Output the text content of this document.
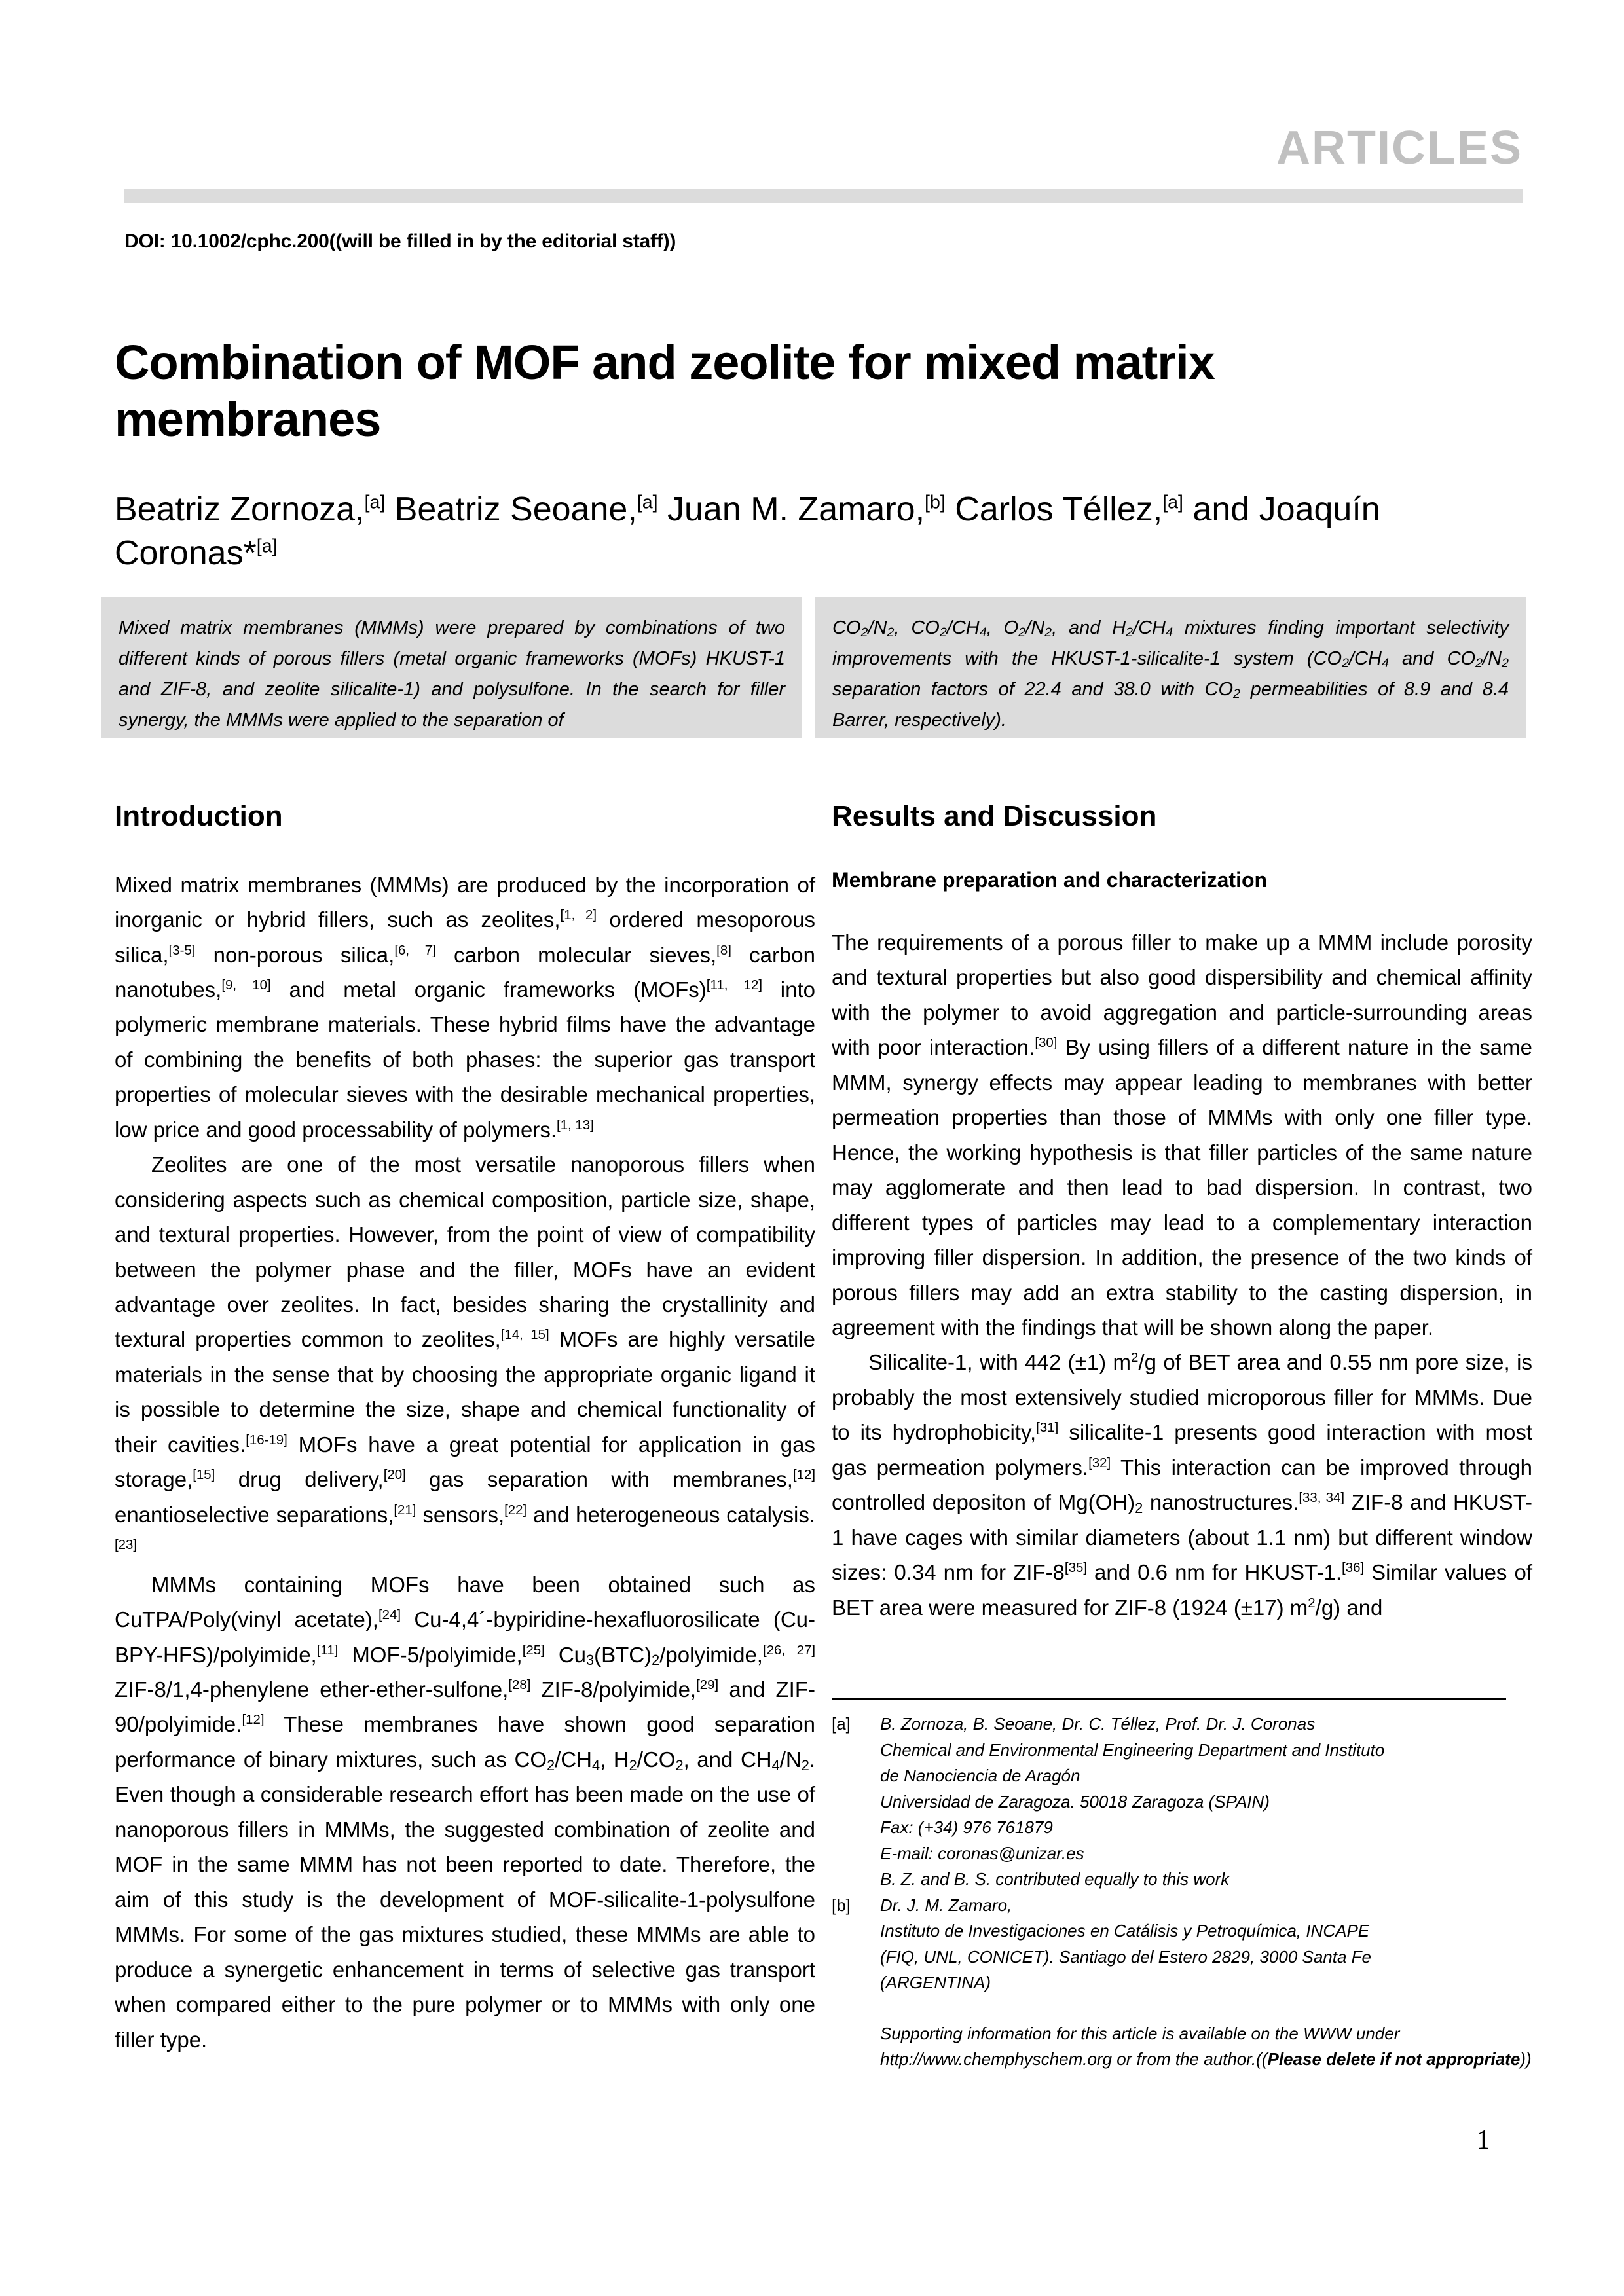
ARTICLES
DOI: 10.1002/cphc.200((will be filled in by the editorial staff))
Combination of MOF and zeolite for mixed matrix membranes
Beatriz Zornoza,[a] Beatriz Seoane,[a] Juan M. Zamaro,[b] Carlos Téllez,[a] and Joaquín Coronas*[a]
Mixed matrix membranes (MMMs) were prepared by combinations of two different kinds of porous fillers (metal organic frameworks (MOFs) HKUST-1 and ZIF-8, and zeolite silicalite-1) and polysulfone. In the search for filler synergy, the MMMs were applied to the separation of
$CO_2/N_2$, $CO_2/CH_4$, $O_2/N_2$, and $H_2/CH_4$ mixtures finding important selectivity improvements with the HKUST-1-silicalite-1 system ($CO_2/CH_4$ and $CO_2/N_2$ separation factors of 22.4 and 38.0 with $CO_2$ permeabilities of 8.9 and 8.4 Barrer, respectively).
Introduction

Mixed matrix membranes (MMMs) are produced by the incorporation of inorganic or hybrid fillers, such as zeolites,[1, 2] ordered mesoporous silica,[3-5] non-porous silica,[6, 7] carbon molecular sieves,[8] carbon nanotubes,[9, 10] and metal organic frameworks (MOFs)[11, 12] into polymeric membrane materials. These hybrid films have the advantage of combining the benefits of both phases: the superior gas transport properties of molecular sieves with the desirable mechanical properties, low price and good processability of polymers.[1, 13]

Zeolites are one of the most versatile nanoporous fillers when considering aspects such as chemical composition, particle size, shape, and textural properties. However, from the point of view of compatibility between the polymer phase and the filler, MOFs have an evident advantage over zeolites. In fact, besides sharing the crystallinity and textural properties common to zeolites,[14, 15] MOFs are highly versatile materials in the sense that by choosing the appropriate organic ligand it is possible to determine the size, shape and chemical functionality of their cavities.[16-19] MOFs have a great potential for application in gas storage,[15] drug delivery,[20] gas separation with membranes,[12] enantioselective separations,[21] sensors,[22] and heterogeneous catalysis.[23]

MMMs containing MOFs have been obtained such as CuTPA/Poly(vinyl acetate),[24] Cu-4,4´-bypiridine-hexafluorosilicate (Cu-BPY-HFS)/polyimide,[11] MOF-5/polyimide,[25] $Cu_3(BTC)_2/polyimide,[26, 27]$ ZIF-8/1,4-phenylene ether-ether-sulfone,[28] ZIF-8/polyimide,[29] and ZIF-90/polyimide.[12] These membranes have shown good separation performance of binary mixtures, such as $CO_2/CH_4$, $H_2/CO_2$, and $CH_4/N_2$. Even though a considerable research effort has been made on the use of nanoporous fillers in MMMs, the suggested combination of zeolite and MOF in the same MMM has not been reported to date. Therefore, the aim of this study is the development of MOF-silicalite-1-polysulfone MMMs. For some of the gas mixtures studied, these MMMs are able to produce a synergetic enhancement in terms of selective gas transport when compared either to the pure polymer or to MMMs with only one filler type.

Results and Discussion
Membrane preparation and characterization

The requirements of a porous filler to make up a MMM include porosity and textural properties but also good dispersibility and chemical affinity with the polymer to avoid aggregation and particle-surrounding areas with poor interaction.[30] By using fillers of a different nature in the same MMM, synergy effects may appear leading to membranes with better permeation properties than those of MMMs with only one filler type. Hence, the working hypothesis is that filler particles of the same nature may agglomerate and then lead to bad dispersion. In contrast, two different types of particles may lead to a complementary interaction improving filler dispersion. In addition, the presence of the two kinds of porous fillers may add an extra stability to the casting dispersion, in agreement with the findings that will be shown along the paper.

Silicalite-1, with 442 (±1) $m^2/g$ of BET area and 0.55 nm pore size, is probably the most extensively studied microporous filler for MMMs. Due to its hydrophobicity,[31] silicalite-1 presents good interaction with most gas permeation polymers.[32] This interaction can be improved through controlled depositon of $Mg(OH)_2$ nanostructures.[33, 34] ZIF-8 and HKUST-1 have cages with similar diameters (about 1.1 nm) but different window sizes: 0.34 nm for ZIF-8[35] and 0.6 nm for HKUST-1.[36] Similar values of BET area were measured for ZIF-8 (1924 (±17) $m^2/g$) and

[a]	B. Zornoza, B. Seoane, Dr. C. Téllez, Prof. Dr. J. Coronas
Chemical and Environmental Engineering Department and Instituto
de Nanociencia de Aragón
Universidad de Zaragoza. 50018 Zaragoza (SPAIN)
Fax: (+34) 976 761879
E-mail: coronas@unizar.es
B. Z. and B. S. contributed equally to this work
[b]	Dr. J. M. Zamaro,
Instituto de Investigaciones en Catálisis y Petroquímica, INCAPE
(FIQ, UNL, CONICET). Santiago del Estero 2829, 3000 Santa Fe
(ARGENTINA)
Supporting information for this article is available on the WWW under http://www.chemphyschem.org or from the author.((Please delete if not appropriate))
1
